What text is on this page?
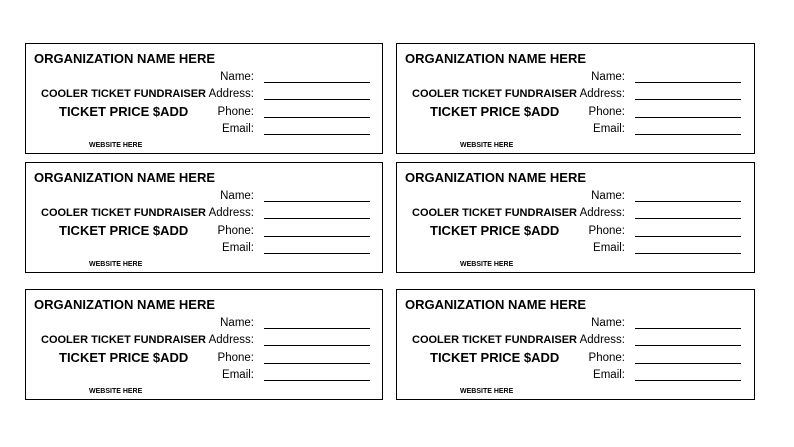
ORGANIZATION NAME HERE
COOLER TICKET FUNDRAISER
TICKET PRICE $ADD
WEBSITE HERE
Name:
Address:
Phone:
Email:
ORGANIZATION NAME HERE
COOLER TICKET FUNDRAISER
TICKET PRICE $ADD
WEBSITE HERE
Name:
Address:
Phone:
Email:
ORGANIZATION NAME HERE
COOLER TICKET FUNDRAISER
TICKET PRICE $ADD
WEBSITE HERE
Name:
Address:
Phone:
Email:
ORGANIZATION NAME HERE
COOLER TICKET FUNDRAISER
TICKET PRICE $ADD
WEBSITE HERE
Name:
Address:
Phone:
Email:
ORGANIZATION NAME HERE
COOLER TICKET FUNDRAISER
TICKET PRICE $ADD
WEBSITE HERE
Name:
Address:
Phone:
Email:
ORGANIZATION NAME HERE
COOLER TICKET FUNDRAISER
TICKET PRICE $ADD
WEBSITE HERE
Name:
Address:
Phone:
Email:
